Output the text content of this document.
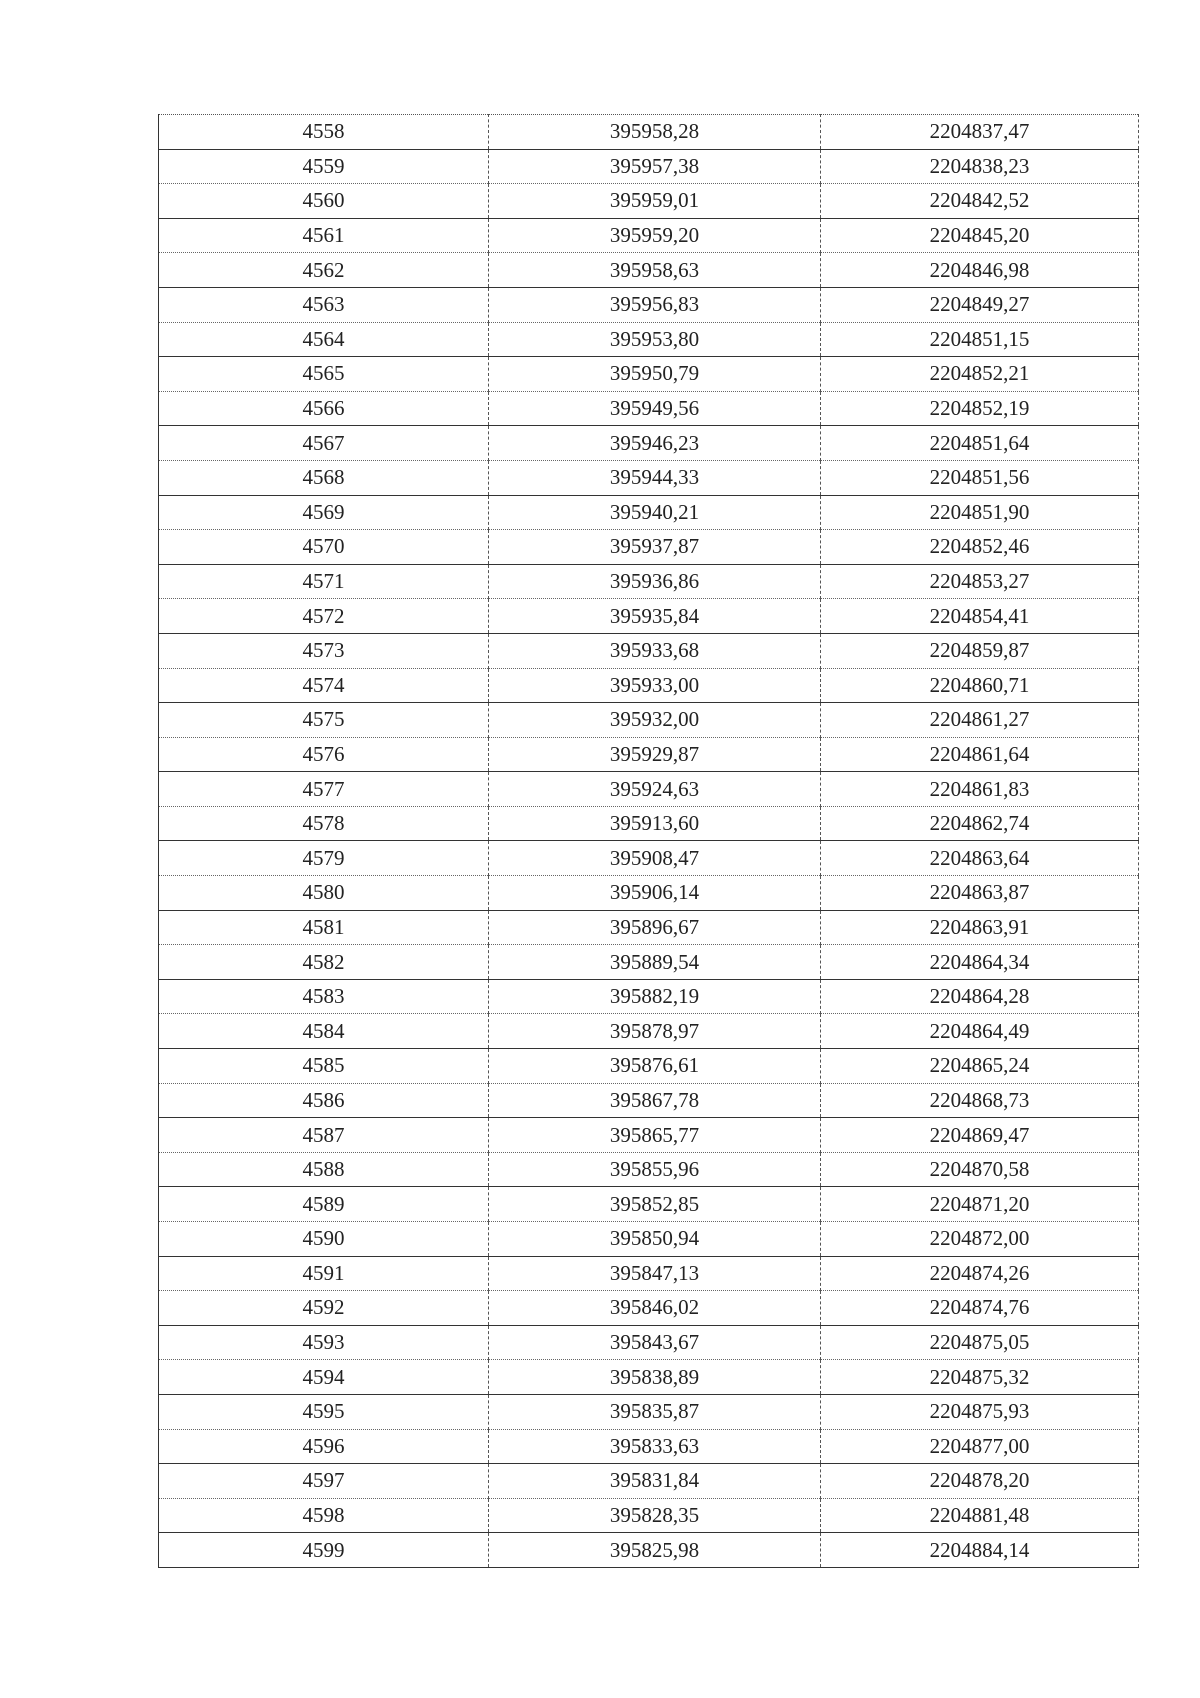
4558	395958,28	2204837,47
4559	395957,38	2204838,23
4560	395959,01	2204842,52
4561	395959,20	2204845,20
4562	395958,63	2204846,98
4563	395956,83	2204849,27
4564	395953,80	2204851,15
4565	395950,79	2204852,21
4566	395949,56	2204852,19
4567	395946,23	2204851,64
4568	395944,33	2204851,56
4569	395940,21	2204851,90
4570	395937,87	2204852,46
4571	395936,86	2204853,27
4572	395935,84	2204854,41
4573	395933,68	2204859,87
4574	395933,00	2204860,71
4575	395932,00	2204861,27
4576	395929,87	2204861,64
4577	395924,63	2204861,83
4578	395913,60	2204862,74
4579	395908,47	2204863,64
4580	395906,14	2204863,87
4581	395896,67	2204863,91
4582	395889,54	2204864,34
4583	395882,19	2204864,28
4584	395878,97	2204864,49
4585	395876,61	2204865,24
4586	395867,78	2204868,73
4587	395865,77	2204869,47
4588	395855,96	2204870,58
4589	395852,85	2204871,20
4590	395850,94	2204872,00
4591	395847,13	2204874,26
4592	395846,02	2204874,76
4593	395843,67	2204875,05
4594	395838,89	2204875,32
4595	395835,87	2204875,93
4596	395833,63	2204877,00
4597	395831,84	2204878,20
4598	395828,35	2204881,48
4599	395825,98	2204884,14
